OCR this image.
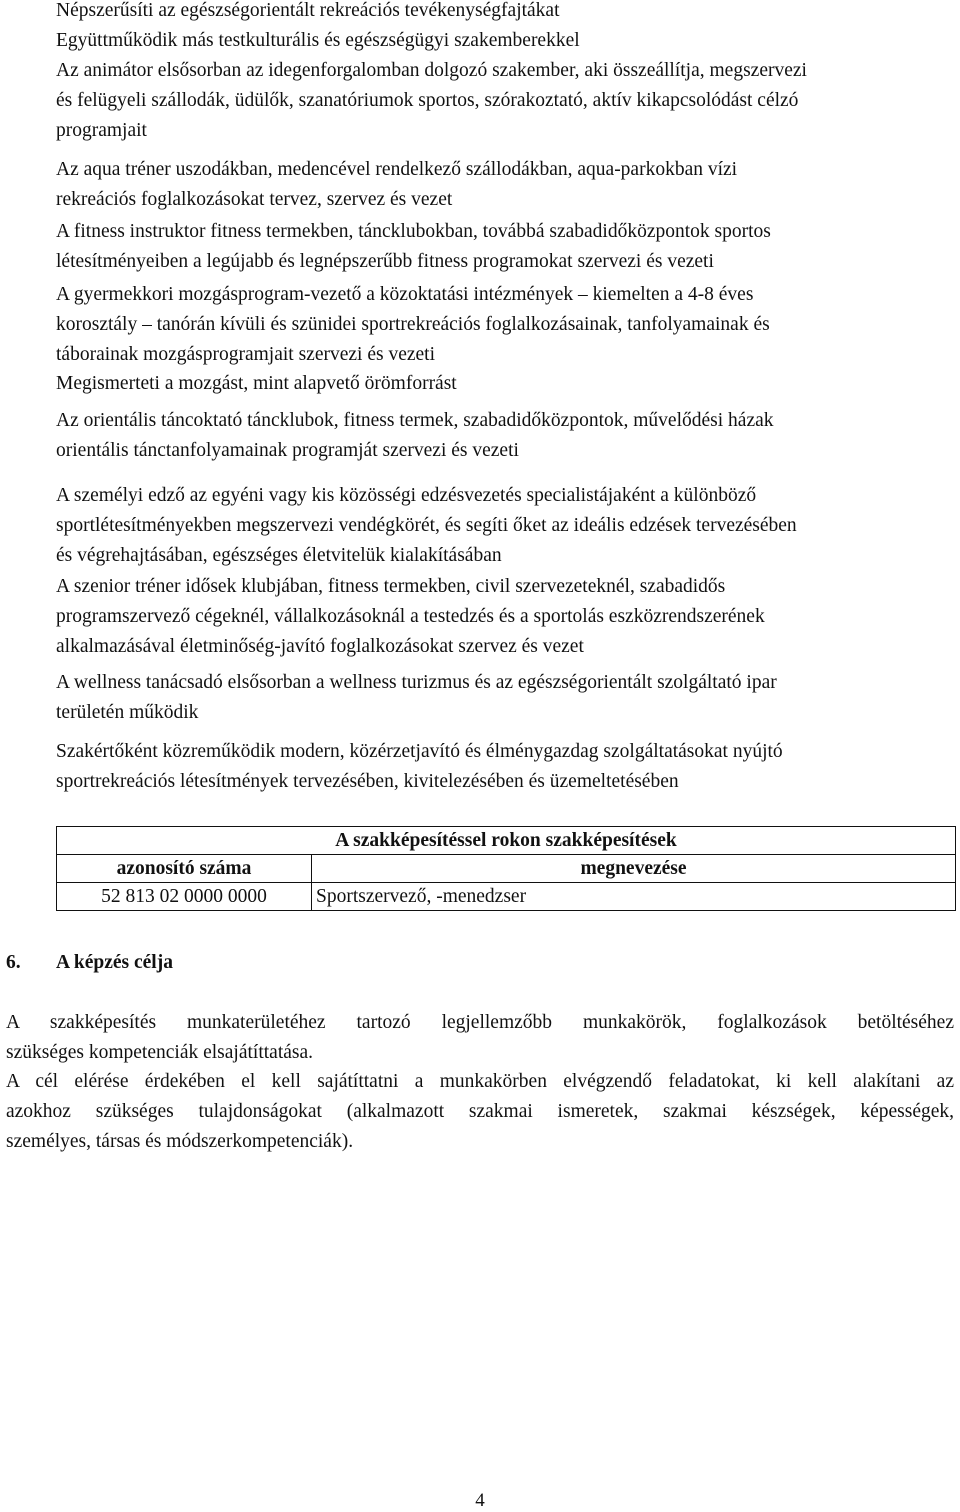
Népszerűsíti az egészségorientált rekreációs tevékenységfajtákat

Együttműködik más testkulturális és egészségügyi szakemberekkel

Az animátor elsősorban az idegenforgalomban dolgozó szakember, aki összeállítja, megszervezi

és felügyeli szállodák, üdülők, szanatóriumok sportos, szórakoztató, aktív kikapcsolódást célzó

programjait

Az aqua tréner uszodákban, medencével rendelkező szállodákban, aqua-parkokban vízi

rekreációs foglalkozásokat tervez, szervez és vezet

A fitness instruktor fitness termekben, táncklubokban, továbbá szabadidőközpontok sportos

létesítményeiben a legújabb és legnépszerűbb fitness programokat szervezi és vezeti

A gyermekkori mozgásprogram-vezető a közoktatási intézmények – kiemelten a 4-8 éves

korosztály – tanórán kívüli és szünidei sportrekreációs foglalkozásainak, tanfolyamainak és

táborainak mozgásprogramjait szervezi és vezeti

Megismerteti a mozgást, mint alapvető örömforrást

Az orientális táncoktató táncklubok, fitness termek, szabadidőközpontok, művelődési házak

orientális tánctanfolyamainak programját szervezi és vezeti

A személyi edző az egyéni vagy kis közösségi edzésvezetés specialistájaként a különböző

sportlétesítményekben megszervezi vendégkörét, és segíti őket az ideális edzések tervezésében

és végrehajtásában, egészséges életvitelük kialakításában

A szenior tréner idősek klubjában, fitness termekben, civil szervezeteknél, szabadidős

programszervező cégeknél, vállalkozásoknál a testedzés és a sportolás eszközrendszerének

alkalmazásával életminőség-javító foglalkozásokat szervez és vezet

A wellness tanácsadó elsősorban a wellness turizmus és az egészségorientált szolgáltató ipar

területén működik

Szakértőként közreműködik modern, közérzetjavító és élménygazdag szolgáltatásokat nyújtó

sportrekreációs létesítmények tervezésében, kivitelezésében és üzemeltetésében

A szakképesítéssel rokon szakképesítések	
azonosító száma	megnevezése
52 813 02 0000 0000	Sportszervező, -menedzser

6. A képzés célja

A szakképesítés munkaterületéhez tartozó legjellemzőbb munkakörök, foglalkozások betöltéséhez

szükséges kompetenciák elsajátíttatása.

A cél elérése érdekében el kell sajátíttatni a munkakörben elvégzendő feladatokat, ki kell alakítani az

azokhoz szükséges tulajdonságokat (alkalmazott szakmai ismeretek, szakmai készségek, képességek,

személyes, társas és módszerkompetenciák).

4
